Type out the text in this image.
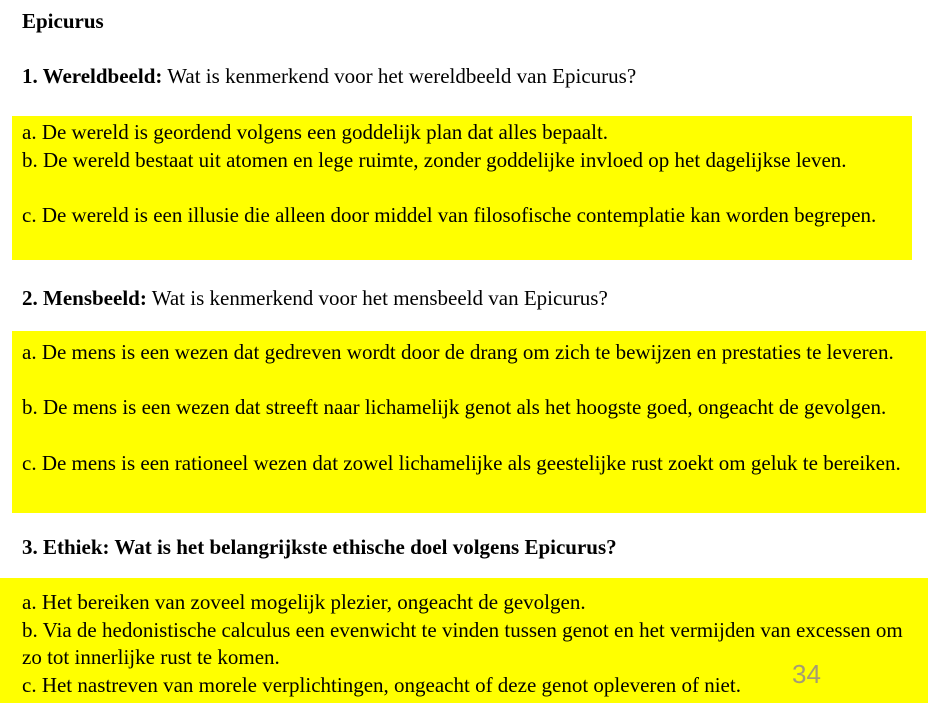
Epicurus
1. Wereldbeeld: Wat is kenmerkend voor het wereldbeeld van Epicurus?
a. De wereld is geordend volgens een goddelijk plan dat alles bepaalt.
b. De wereld bestaat uit atomen en lege ruimte, zonder goddelijke invloed op het dagelijkse leven.
c. De wereld is een illusie die alleen door middel van filosofische contemplatie kan worden begrepen.
2. Mensbeeld: Wat is kenmerkend voor het mensbeeld van Epicurus?
a. De mens is een wezen dat gedreven wordt door de drang om zich te bewijzen en prestaties te leveren.
b. De mens is een wezen dat streeft naar lichamelijk genot als het hoogste goed, ongeacht de gevolgen.
c. De mens is een rationeel wezen dat zowel lichamelijke als geestelijke rust zoekt om geluk te bereiken.
3. Ethiek: Wat is het belangrijkste ethische doel volgens Epicurus?
a. Het bereiken van zoveel mogelijk plezier, ongeacht de gevolgen.
b. Via de hedonistische calculus een evenwicht te vinden tussen genot en het vermijden van excessen om zo tot innerlijke rust te komen.
c. Het nastreven van morele verplichtingen, ongeacht of deze genot opleveren of niet.	34
